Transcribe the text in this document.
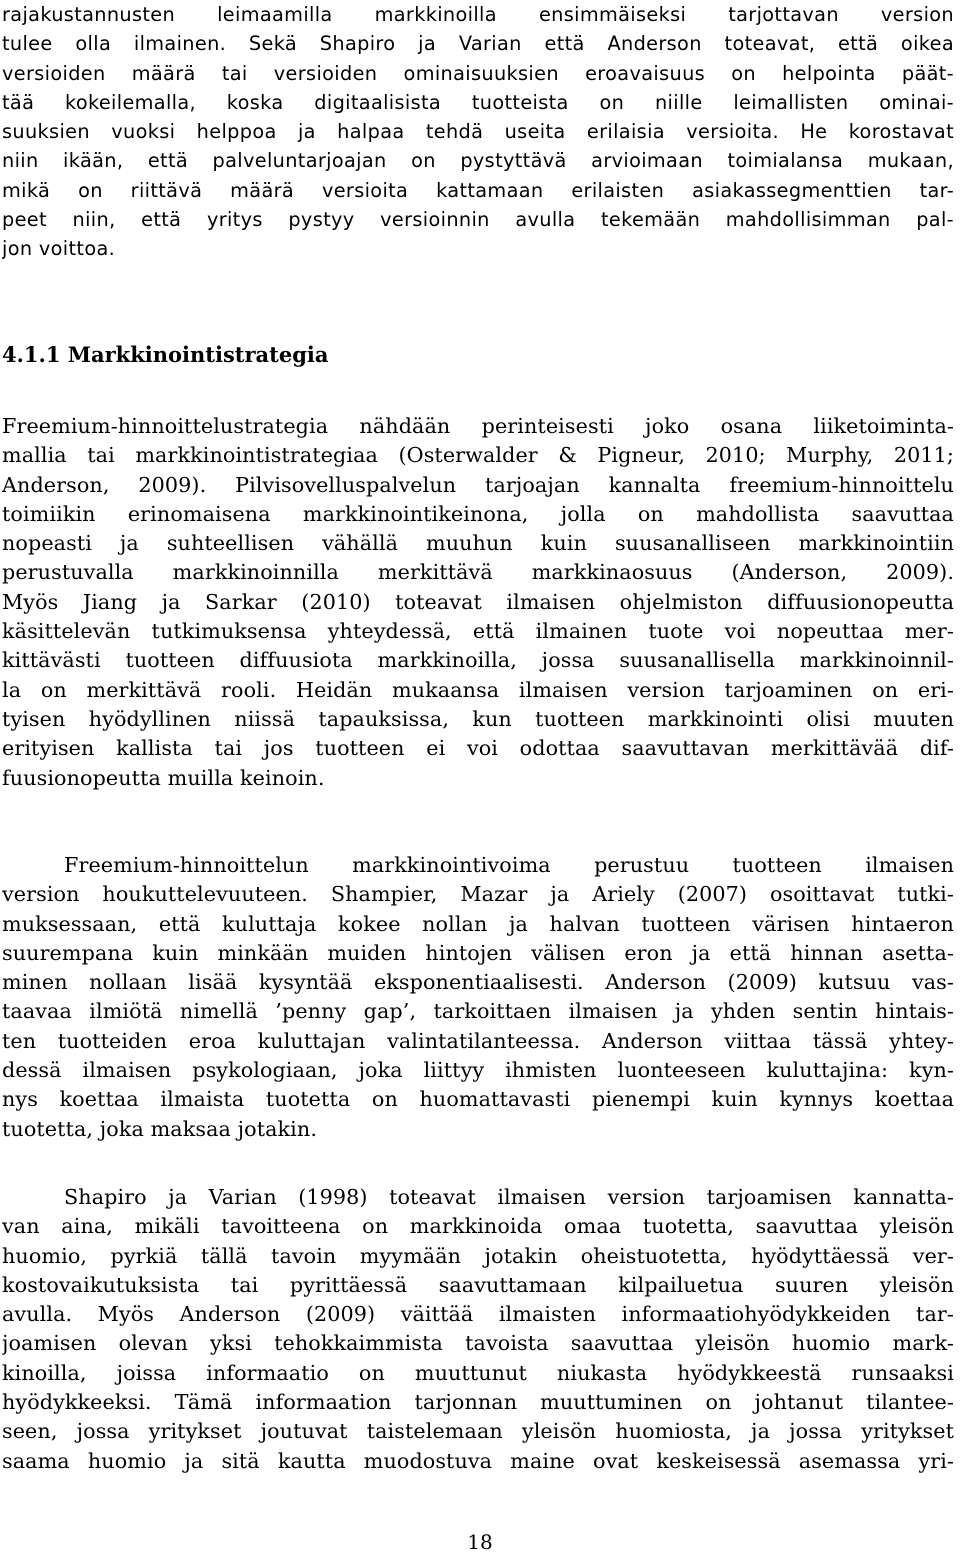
rajakustannusten leimaamilla markkinoilla ensimmäiseksi tarjottavan version
tulee olla ilmainen. Sekä Shapiro ja Varian että Anderson toteavat, että oikea
versioiden määrä tai versioiden ominaisuuksien eroavaisuus on helpointa päät-
tää kokeilemalla, koska digitaalisista tuotteista on niille leimallisten ominai-
suuksien vuoksi helppoa ja halpaa tehdä useita erilaisia versioita. He korostavat
niin ikään, että palveluntarjoajan on pystyttävä arvioimaan toimialansa mukaan,
mikä on riittävä määrä versioita kattamaan erilaisten asiakassegmenttien tar-
peet niin, että yritys pystyy versioinnin avulla tekemään mahdollisimman pal-
jon voittoa.
4.1.1 Markkinointistrategia
Freemium-hinnoittelustrategia nähdään perinteisesti joko osana liiketoiminta-
mallia tai markkinointistrategiaa (Osterwalder & Pigneur, 2010; Murphy, 2011;
Anderson, 2009). Pilvisovelluspalvelun tarjoajan kannalta freemium-hinnoittelu
toimiikin erinomaisena markkinointikeinona, jolla on mahdollista saavuttaa
nopeasti ja suhteellisen vähällä muuhun kuin suusanalliseen markkinointiin
perustuvalla markkinoinnilla merkittävä markkinaosuus (Anderson, 2009).
Myös Jiang ja Sarkar (2010) toteavat ilmaisen ohjelmiston diffuusionopeutta
käsittelevän tutkimuksensa yhteydessä, että ilmainen tuote voi nopeuttaa mer-
kittävästi tuotteen diffuusiota markkinoilla, jossa suusanallisella markkinoinnil-
la on merkittävä rooli. Heidän mukaansa ilmaisen version tarjoaminen on eri-
tyisen hyödyllinen niissä tapauksissa, kun tuotteen markkinointi olisi muuten
erityisen kallista tai jos tuotteen ei voi odottaa saavuttavan merkittävää dif-
fuusionopeutta muilla keinoin.
Freemium-hinnoittelun markkinointivoima perustuu tuotteen ilmaisen
version houkuttelevuuteen. Shampier, Mazar ja Ariely (2007) osoittavat tutki-
muksessaan, että kuluttaja kokee nollan ja halvan tuotteen värisen hintaeron
suurempana kuin minkään muiden hintojen välisen eron ja että hinnan asetta-
minen nollaan lisää kysyntää eksponentiaalisesti. Anderson (2009) kutsuu vas-
taavaa ilmiötä nimellä ’penny gap’, tarkoittaen ilmaisen ja yhden sentin hintais-
ten tuotteiden eroa kuluttajan valintatilanteessa. Anderson viittaa tässä yhtey-
dessä ilmaisen psykologiaan, joka liittyy ihmisten luonteeseen kuluttajina: kyn-
nys koettaa ilmaista tuotetta on huomattavasti pienempi kuin kynnys koettaa
tuotetta, joka maksaa jotakin.
Shapiro ja Varian (1998) toteavat ilmaisen version tarjoamisen kannatta-
van aina, mikäli tavoitteena on markkinoida omaa tuotetta, saavuttaa yleisön
huomio, pyrkiä tällä tavoin myymään jotakin oheistuotetta, hyödyttäessä ver-
kostovaikutuksista tai pyrittäessä saavuttamaan kilpailuetua suuren yleisön
avulla. Myös Anderson (2009) väittää ilmaisten informaatiohyödykkeiden tar-
joamisen olevan yksi tehokkaimmista tavoista saavuttaa yleisön huomio mark-
kinoilla, joissa informaatio on muuttunut niukasta hyödykkeestä runsaaksi
hyödykkeeksi. Tämä informaation tarjonnan muuttuminen on johtanut tilantee-
seen, jossa yritykset joutuvat taistelemaan yleisön huomiosta, ja jossa yritykset
saama huomio ja sitä kautta muodostuva maine ovat keskeisessä asemassa yri-
18
